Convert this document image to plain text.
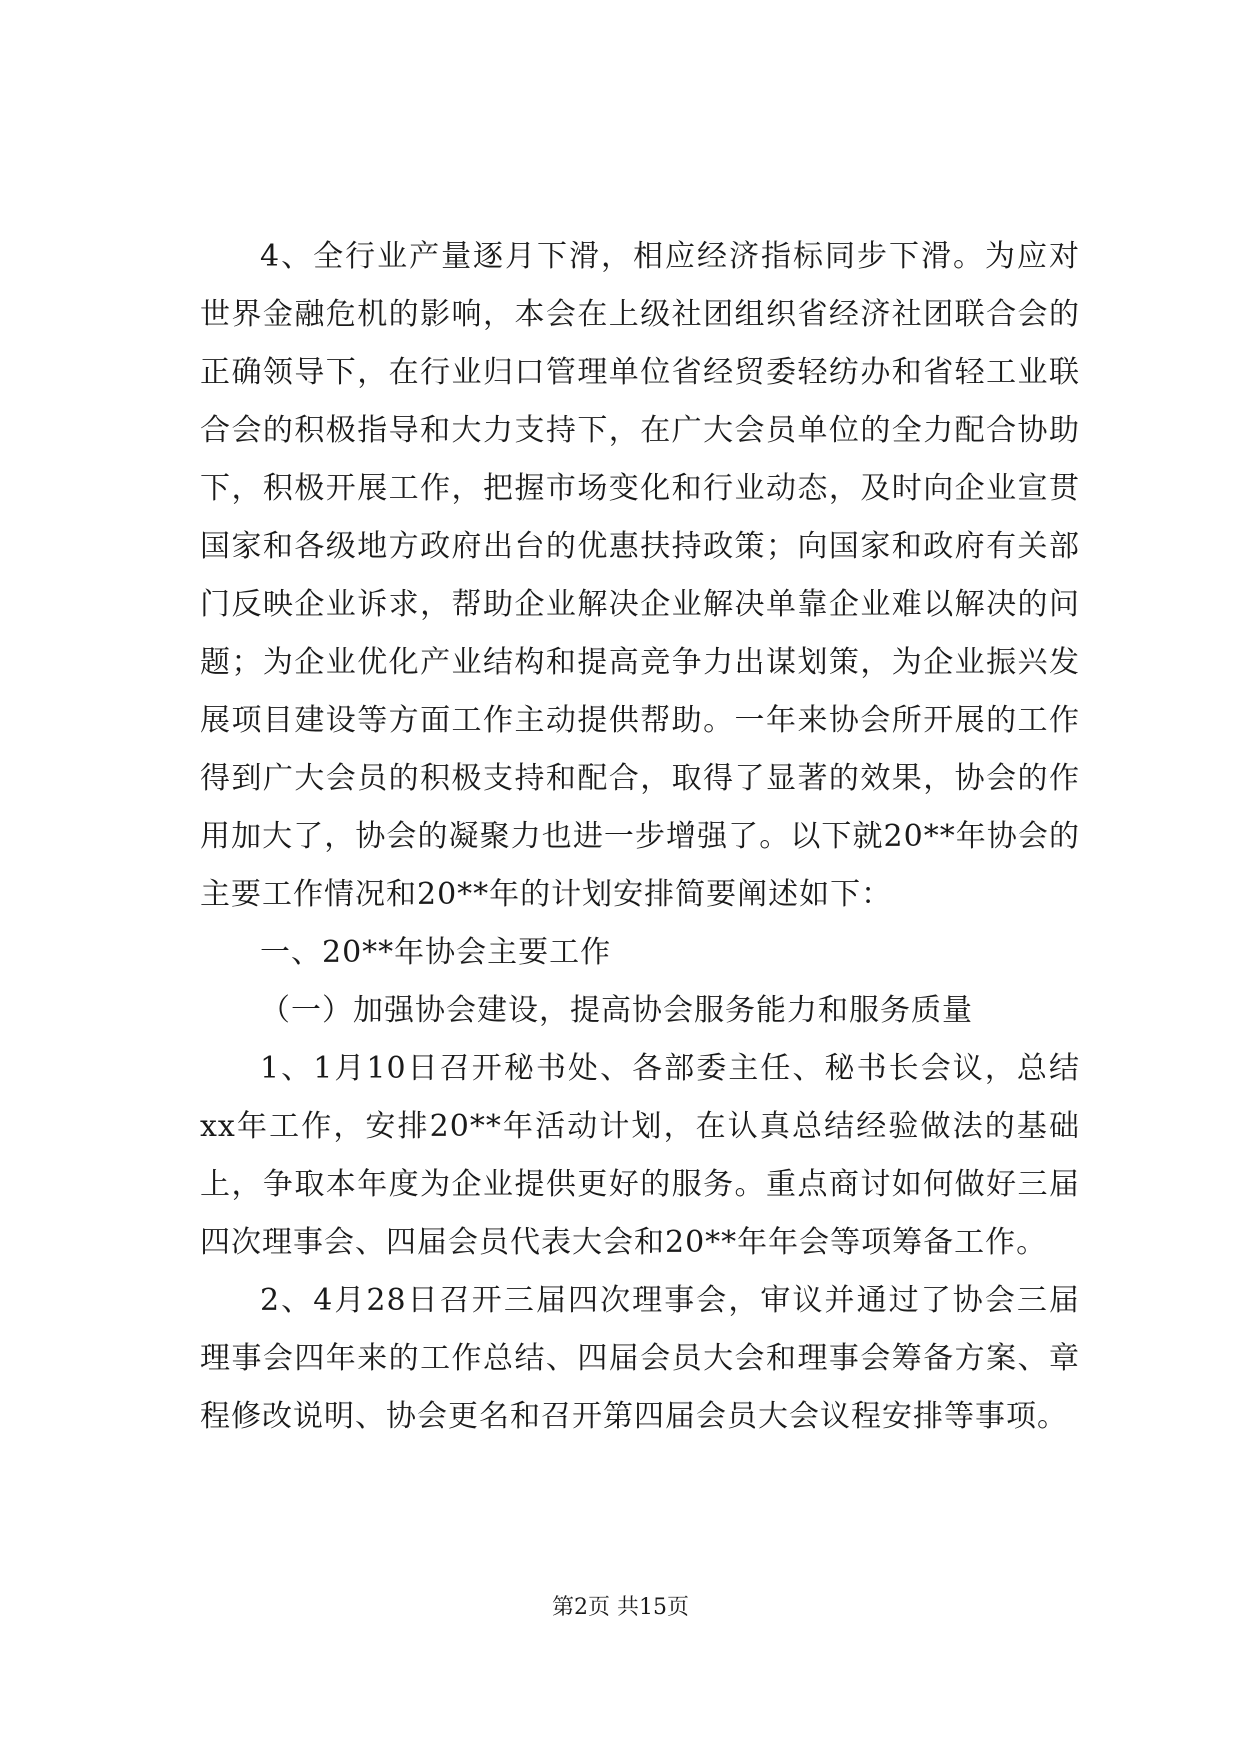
4、全行业产量逐月下滑，相应经济指标同步下滑。为应对世界金融危机的影响，本会在上级社团组织省经济社团联合会的正确领导下，在行业归口管理单位省经贸委轻纺办和省轻工业联合会的积极指导和大力支持下，在广大会员单位的全力配合协助下，积极开展工作，把握市场变化和行业动态，及时向企业宣贯国家和各级地方政府出台的优惠扶持政策；向国家和政府有关部门反映企业诉求，帮助企业解决企业解决单靠企业难以解决的问题；为企业优化产业结构和提高竞争力出谋划策，为企业振兴发展项目建设等方面工作主动提供帮助。一年来协会所开展的工作得到广大会员的积极支持和配合，取得了显著的效果，协会的作用加大了，协会的凝聚力也进一步增强了。以下就20**年协会的主要工作情况和20**年的计划安排简要阐述如下：

一、20**年协会主要工作

（一）加强协会建设，提高协会服务能力和服务质量

1、1月10日召开秘书处、各部委主任、秘书长会议，总结xx年工作，安排20**年活动计划，在认真总结经验做法的基础上，争取本年度为企业提供更好的服务。重点商讨如何做好三届四次理事会、四届会员代表大会和20**年年会等项筹备工作。

2、4月28日召开三届四次理事会，审议并通过了协会三届理事会四年来的工作总结、四届会员大会和理事会筹备方案、章程修改说明、协会更名和召开第四届会员大会议程安排等事项。

第2页 共15页
